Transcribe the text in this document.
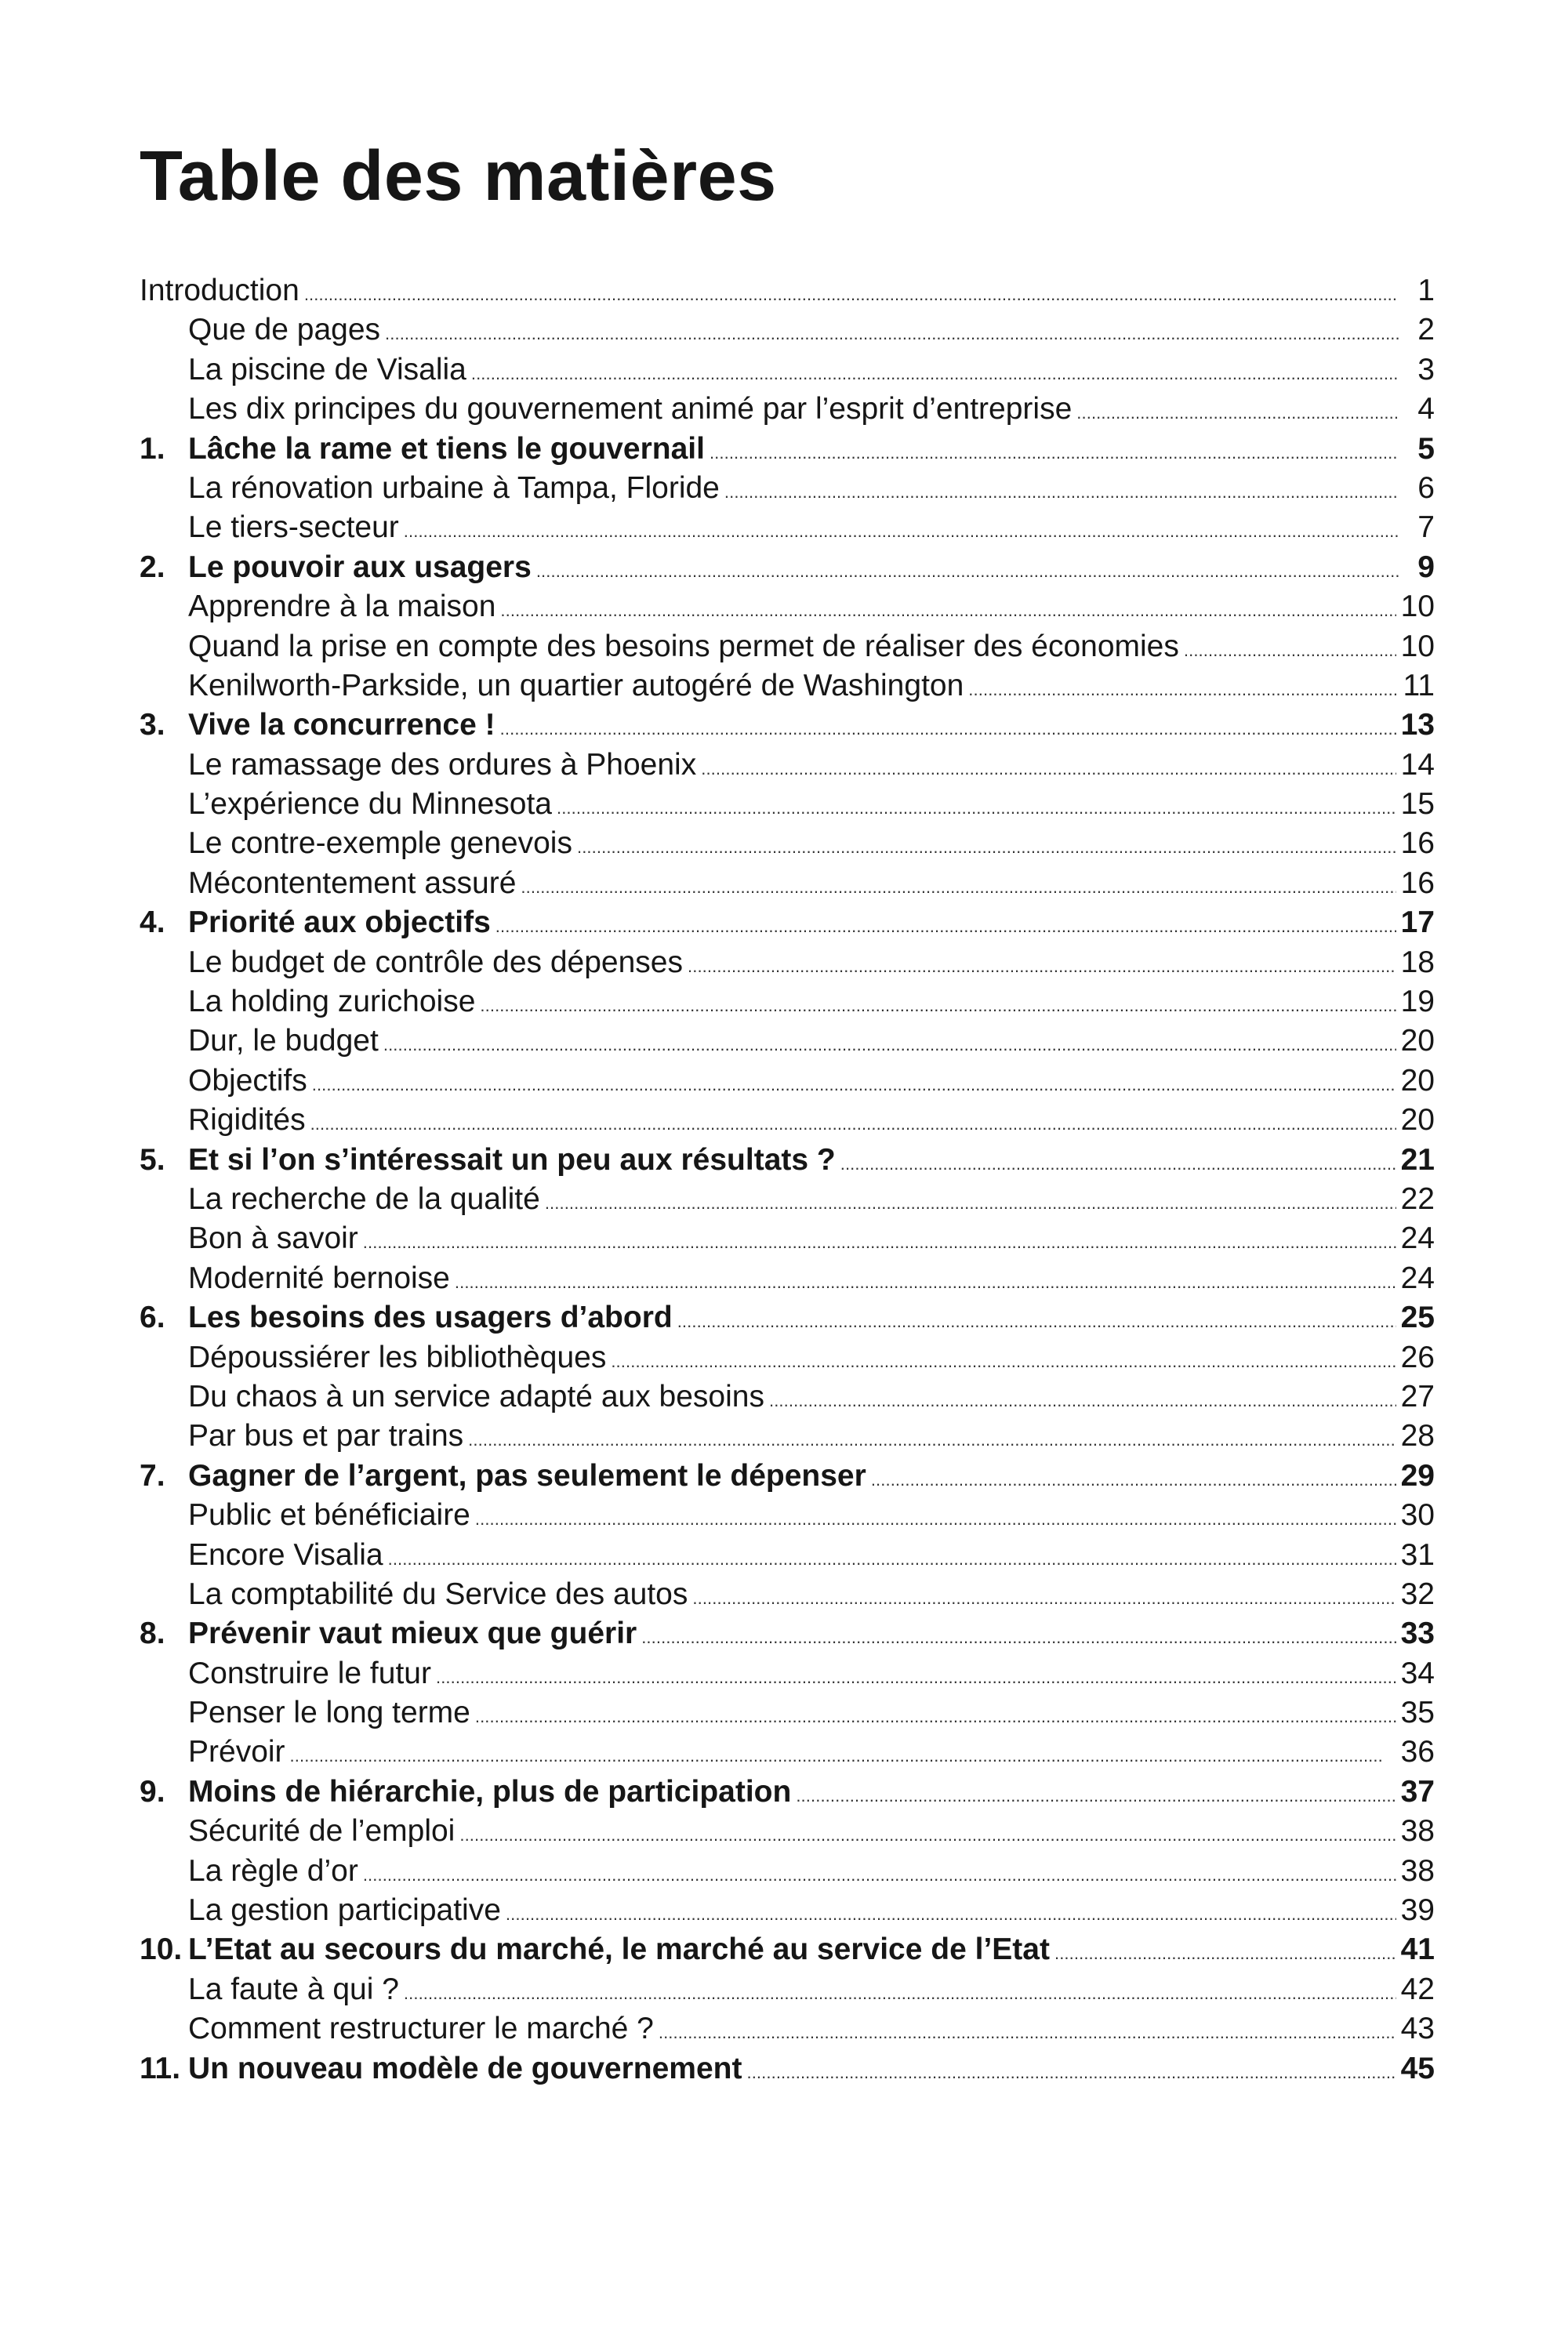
Table des matières
Introduction . . .	1
Que de pages . . .	2
La piscine de Visalia . . .	3
Les dix principes du gouvernement animé par l’esprit d’entreprise . . .	4
1. Lâche la rame et tiens le gouvernail . . .	5
La rénovation urbaine à Tampa, Floride . . .	6
Le tiers-secteur . . .	7
2. Le pouvoir aux usagers . . .	9
Apprendre à la maison . . .	10
Quand la prise en compte des besoins permet de réaliser des économies . . .	10
Kenilworth-Parkside, un quartier autogéré de Washington . . .	11
3. Vive la concurrence ! . . .	13
Le ramassage des ordures à Phoenix . . .	14
L’expérience du Minnesota . . .	15
Le contre-exemple genevois . . .	16
Mécontentement assuré . . .	16
4. Priorité aux objectifs . . .	17
Le budget de contrôle des dépenses . . .	18
La holding zurichoise . . .	19
Dur, le budget . . .	20
Objectifs . . .	20
Rigidités . . .	20
5. Et si l’on s’intéressait un peu aux résultats ? . . .	21
La recherche de la qualité . . .	22
Bon à savoir . . .	24
Modernité bernoise . . .	24
6. Les besoins des usagers d’abord . . .	25
Dépoussiérer les bibliothèques . . .	26
Du chaos à un service adapté aux besoins . . .	27
Par bus et par trains . . .	28
7. Gagner de l’argent, pas seulement le dépenser . . .	29
Public et bénéficiaire . . .	30
Encore Visalia . . .	31
La comptabilité du Service des autos . . .	32
8. Prévenir vaut mieux que guérir . . .	33
Construire le futur . . .	34
Penser le long terme . . .	35
Prévoir . . .	36
9. Moins de hiérarchie, plus de participation . . .	37
Sécurité de l’emploi . . .	38
La règle d’or . . .	38
La gestion participative . . .	39
10. L’Etat au secours du marché, le marché au service de l’Etat . . .	41
La faute à qui ? . . .	42
Comment restructurer le marché ? . . .	43
11. Un nouveau modèle de gouvernement . . .	45
